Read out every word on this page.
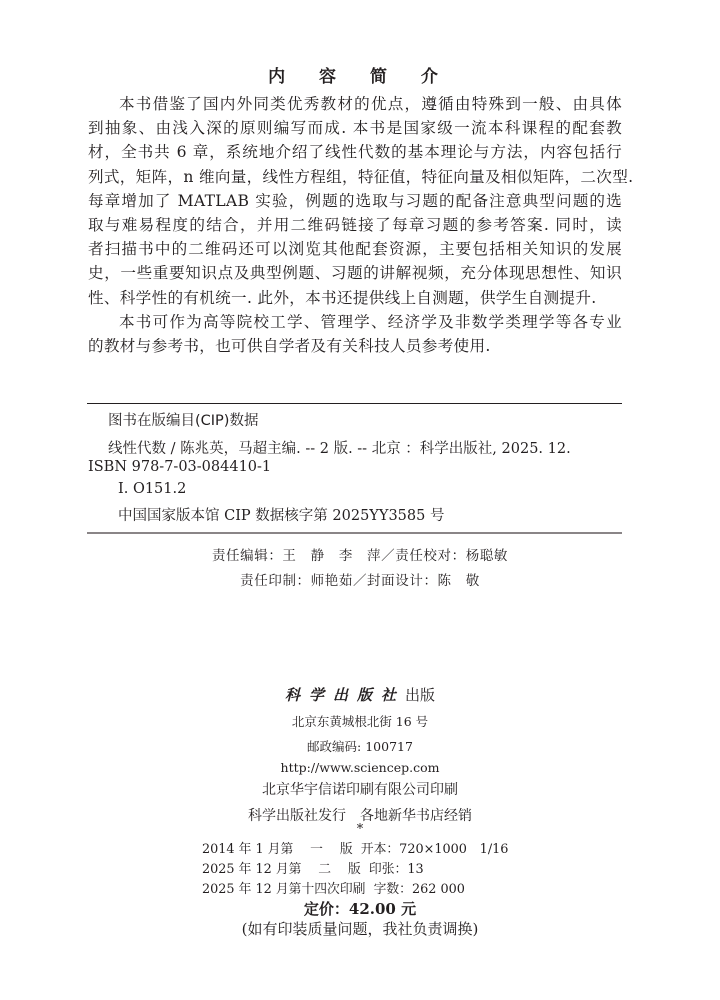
内 容 简 介
本书借鉴了国内外同类优秀教材的优点，遵循由特殊到一般、由具体
到抽象、由浅入深的原则编写而成. 本书是国家级一流本科课程的配套教
材，全书共 6 章，系统地介绍了线性代数的基本理论与方法，内容包括行
列式，矩阵，n 维向量，线性方程组，特征值，特征向量及相似矩阵，二次型.
每章增加了 MATLAB 实验，例题的选取与习题的配备注意典型问题的选
取与难易程度的结合，并用二维码链接了每章习题的参考答案. 同时，读
者扫描书中的二维码还可以浏览其他配套资源，主要包括相关知识的发展
史，一些重要知识点及典型例题、习题的讲解视频，充分体现思想性、知识
性、科学性的有机统一. 此外，本书还提供线上自测题，供学生自测提升.
本书可作为高等院校工学、管理学、经济学及非数学类理学等各专业
的教材与参考书，也可供自学者及有关科技人员参考使用.
图书在版编目(CIP)数据
线性代数 / 陈兆英，马超主编. -- 2 版. -- 北京 ：科学出版社, 2025. 12.
ISBN 978-7-03-084410-1
Ⅰ. O151.2
中国国家版本馆 CIP 数据核字第 2025YY3585 号
责任编辑：王　静　李　萍／责任校对：杨聪敏
责任印制：师艳茹／封面设计：陈　敬
科学出版社出版
北京东黄城根北街 16 号
邮政编码: 100717
http://www.sciencep.com
北京华宇信诺印刷有限公司印刷
科学出版社发行　各地新华书店经销
*
2014 年 1 月第　 一　 版 开本：720×1000　1/16
2025 年 12 月第　 二　 版 印张：13
2025 年 12 月第十四次印刷 字数：262 000
定价：42.00 元
(如有印装质量问题，我社负责调换)
